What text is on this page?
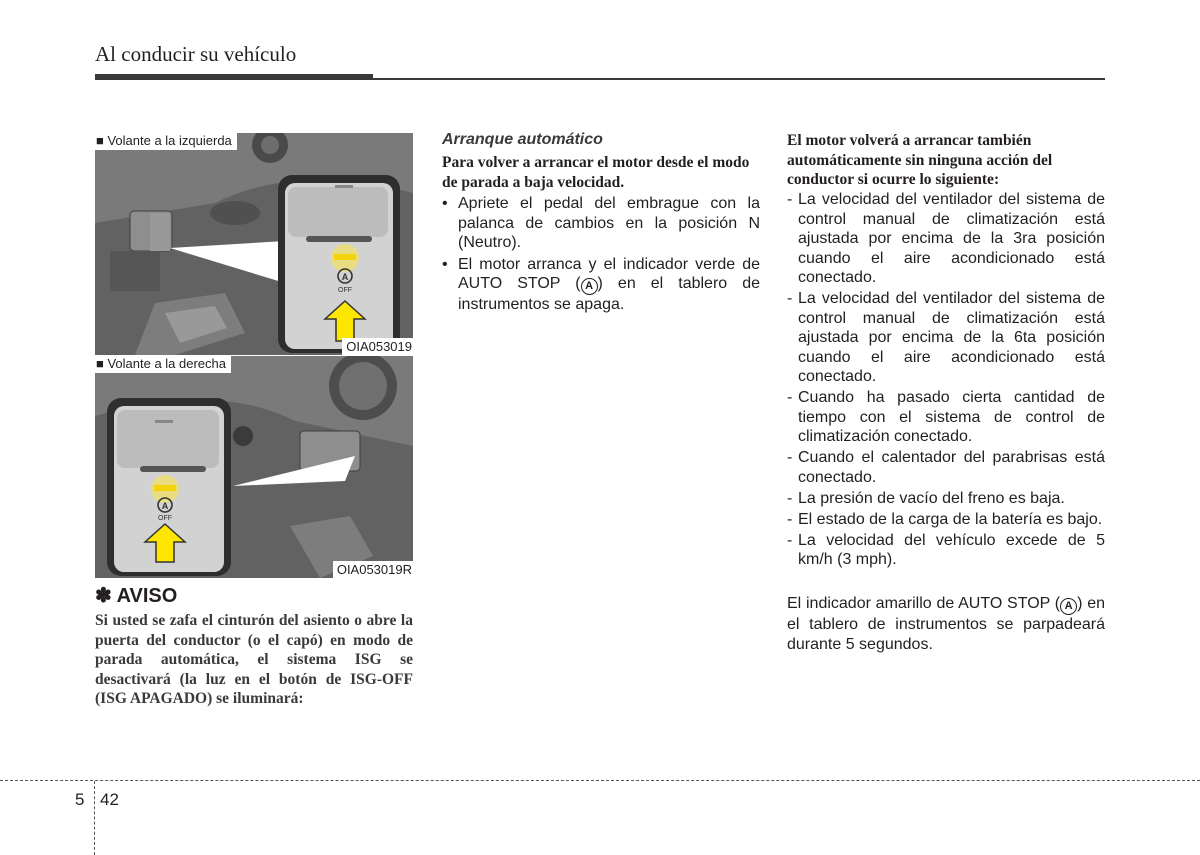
Al conducir su vehículo
A
OFF
■ Volante a la izquierda
OIA053019
A
OFF
■ Volante a la derecha
OIA053019R
✽ AVISO
Si usted se zafa el cinturón del asiento o abre la puerta del conductor (o el capó) en modo de parada automática, el sistema ISG se desactivará (la luz en el botón de ISG-OFF (ISG APAGADO) se iluminará:
Arranque automático
Para volver a arrancar el motor desde el modo de parada a baja velocidad.
• Apriete el pedal del embrague con la palanca de cambios en la posición N (Neutro).
• El motor arranca y el indicador verde de AUTO STOP ( A ) en el tablero de instrumentos se apaga.
El motor volverá a arrancar también automáticamente sin ninguna acción del conductor si ocurre lo siguiente:
- La velocidad del ventilador del sistema de control manual de climatización está ajustada por encima de la 3ra posición cuando el aire acondicionado está conectado.
- La velocidad del ventilador del sistema de control manual de climatización está ajustada por encima de la 6ta posición cuando el aire acondicionado está conectado.
- Cuando ha pasado cierta cantidad de tiempo con el sistema de control de climatización conectado.
- Cuando el calentador del parabrisas está conectado.
- La presión de vacío del freno es baja.
- El estado de la carga de la batería es bajo.
- La velocidad del vehículo excede de 5 km/h (3 mph).
El indicador amarillo de AUTO STOP ( A ) en el tablero de instrumentos se parpadeará durante 5 segundos.
5 42
